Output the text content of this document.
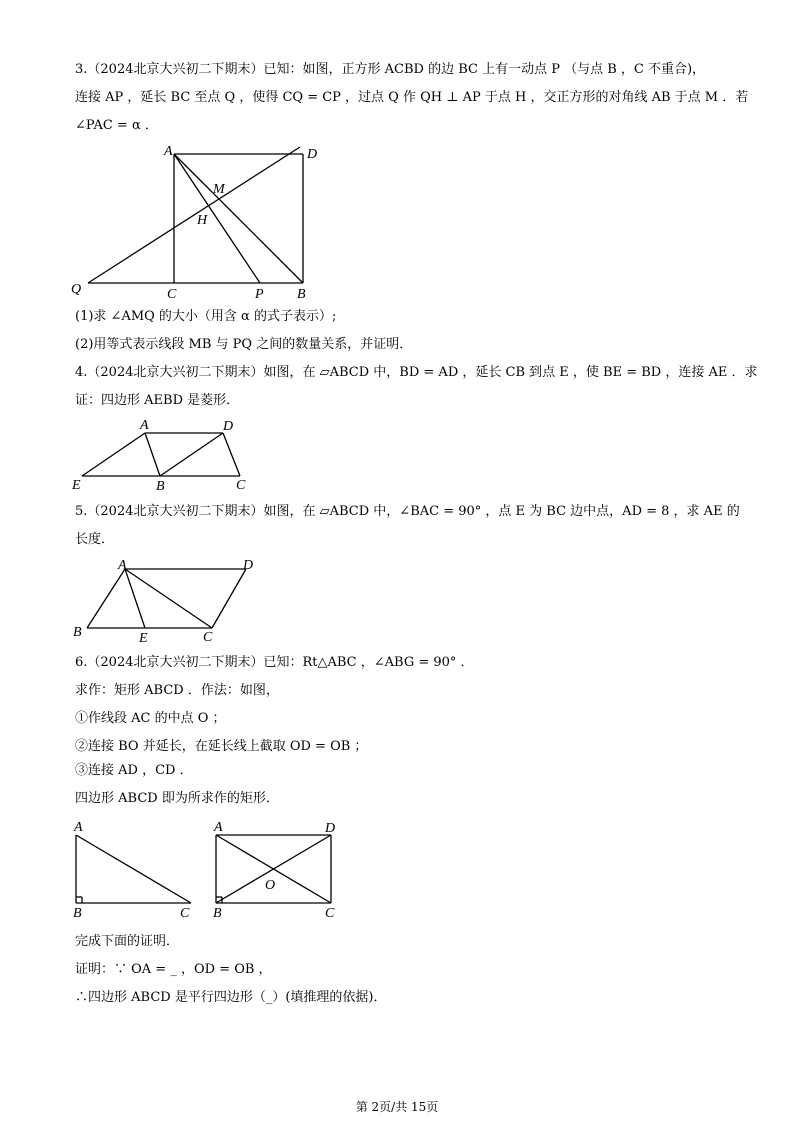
3.（2024北京大兴初二下期末）已知：如图，正方形 ACBD 的边 BC 上有一动点 P （与点 B ，C 不重合)，
连接 AP ，延长 BC 至点 Q ，使得 CQ = CP ，过点 Q 作 QH ⊥ AP 于点 H ，交正方形的对角线 AB 于点 M ．若
∠PAC = α ．
A	D
M
H
Q	C	P B
(1)求 ∠AMQ 的大小（用含 α 的式子表示）;
(2)用等式表示线段 MB 与 PQ 之间的数量关系，并证明．
4.（2024北京大兴初二下期末）如图，在 ▱ABCD 中，BD = AD ，延长 CB 到点 E ，使 BE = BD ，连接 AE ．求
证：四边形 AEBD 是菱形．
A	D
E	B	C
5.（2024北京大兴初二下期末）如图，在 ▱ABCD 中，∠BAC = 90° ，点 E 为 BC 边中点，AD = 8 ，求 AE 的
长度．
A	D
B	E	C
6.（2024北京大兴初二下期末）已知：Rt△ABC ，∠ABG = 90° ．
求作：矩形 ABCD ．作法：如图，
①作线段 AC 的中点 O ；
②连接 BO 并延长，在延长线上截取 OD = OB ；
③连接 AD ，CD ．
四边形 ABCD 即为所求作的矩形．
A
B	C
A	D
O
B	C
完成下面的证明．
证明：∵ OA = _ ，OD = OB ，
∴四边形 ABCD 是平行四边形（_）(填推理的依据)．
第 2页/共 15页
